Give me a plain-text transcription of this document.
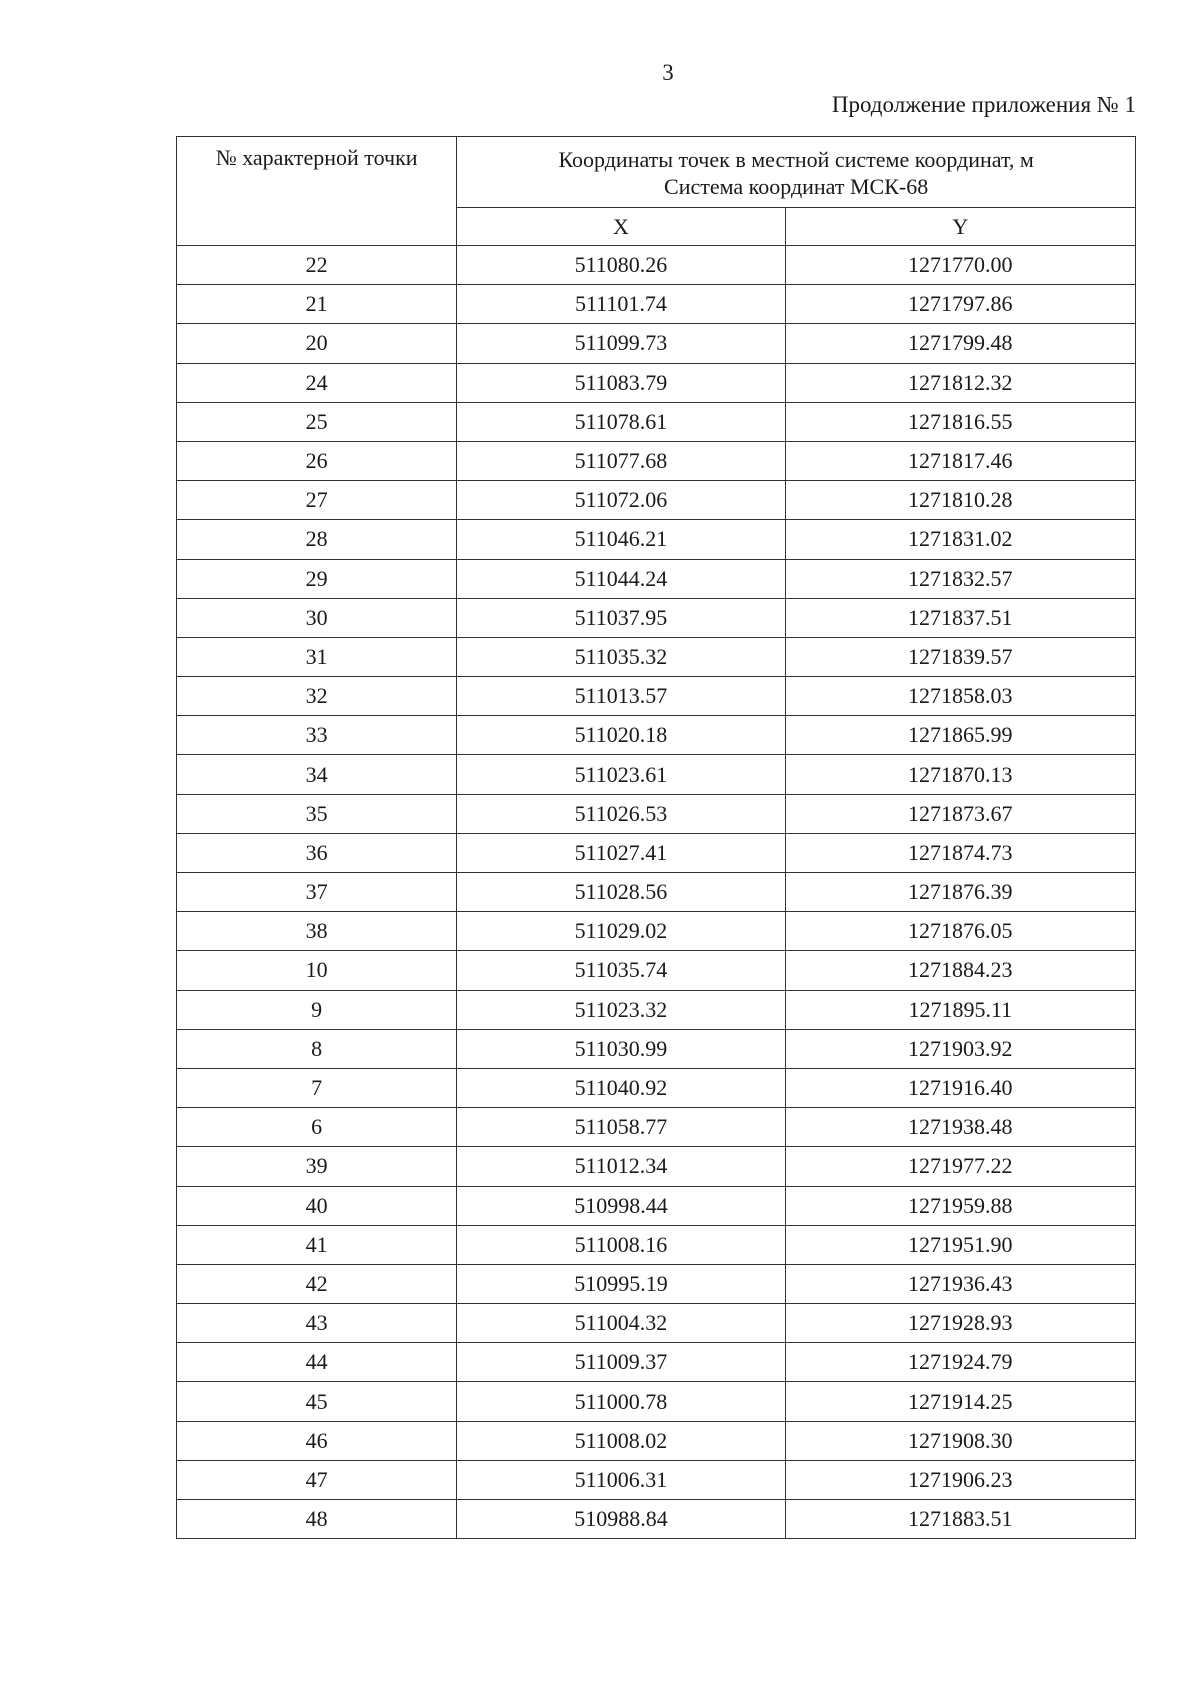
3
Продолжение приложения № 1
№ характерной точки	Координаты точек в местной системе координат, м
Система координат МСК-68	

	X	Y
22	511080.26	1271770.00
21	511101.74	1271797.86
20	511099.73	1271799.48
24	511083.79	1271812.32
25	511078.61	1271816.55
26	511077.68	1271817.46
27	511072.06	1271810.28
28	511046.21	1271831.02
29	511044.24	1271832.57
30	511037.95	1271837.51
31	511035.32	1271839.57
32	511013.57	1271858.03
33	511020.18	1271865.99
34	511023.61	1271870.13
35	511026.53	1271873.67
36	511027.41	1271874.73
37	511028.56	1271876.39
38	511029.02	1271876.05
10	511035.74	1271884.23
9	511023.32	1271895.11
8	511030.99	1271903.92
7	511040.92	1271916.40
6	511058.77	1271938.48
39	511012.34	1271977.22
40	510998.44	1271959.88
41	511008.16	1271951.90
42	510995.19	1271936.43
43	511004.32	1271928.93
44	511009.37	1271924.79
45	511000.78	1271914.25
46	511008.02	1271908.30
47	511006.31	1271906.23
48	510988.84	1271883.51
